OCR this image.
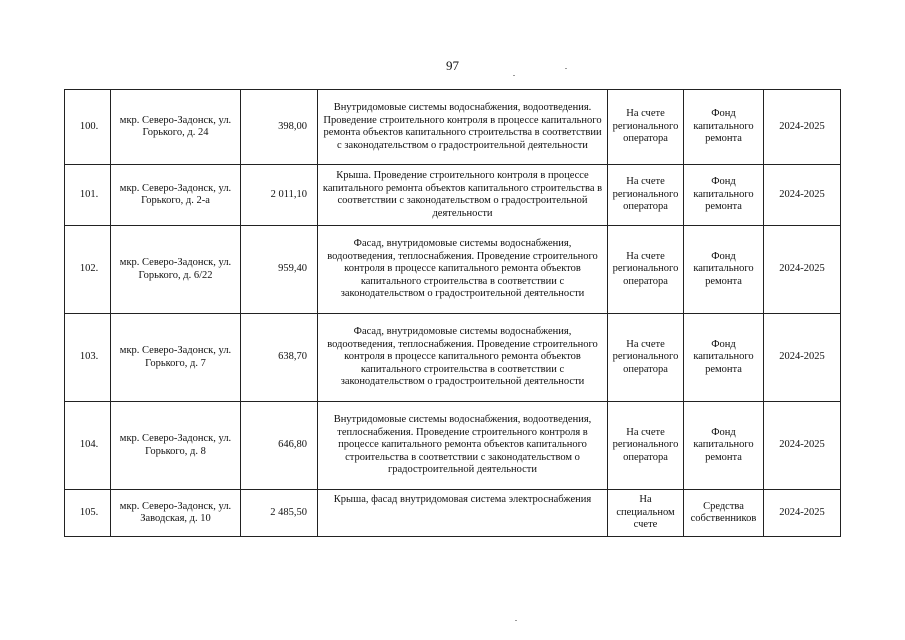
97
100.	мкр. Северо-Задонск, ул. Горького, д. 24	398,00	Внутридомовые системы водоснабжения, водоотведения. Проведение строительного контроля в процессе капитального ремонта объектов капитального строительства в соответствии с законодательством о градостроительной деятельности	На счете регионального оператора	Фонд капитального ремонта	2024-2025
101.	мкр. Северо-Задонск, ул. Горького, д. 2-а	2 011,10	Крыша. Проведение строительного контроля в процессе капитального ремонта объектов капитального строительства в соответствии с законодательством о градостроительной деятельности	На счете регионального оператора	Фонд капитального ремонта	2024-2025
102.	мкр. Северо-Задонск, ул. Горького, д. 6/22	959,40	Фасад, внутридомовые системы водоснабжения, водоотведения, теплоснабжения. Проведение строительного контроля в процессе капитального ремонта объектов капитального строительства в соответствии с законодательством о градостроительной деятельности	На счете регионального оператора	Фонд капитального ремонта	2024-2025
103.	мкр. Северо-Задонск, ул. Горького, д. 7	638,70	Фасад, внутридомовые системы водоснабжения, водоотведения, теплоснабжения. Проведение строительного контроля в процессе капитального ремонта объектов капитального строительства в соответствии с законодательством о градостроительной деятельности	На счете регионального оператора	Фонд капитального ремонта	2024-2025
104.	мкр. Северо-Задонск, ул. Горького, д. 8	646,80	Внутридомовые системы водоснабжения, водоотведения, теплоснабжения. Проведение строительного контроля в процессе капитального ремонта объектов капитального строительства в соответствии с законодательством о градостроительной деятельности	На счете регионального оператора	Фонд капитального ремонта	2024-2025
105.	мкр. Северо-Задонск, ул. Заводская, д. 10	2 485,50	Крыша, фасад внутридомовая система электроснабжения	На специальном счете	Средства собственников	2024-2025
